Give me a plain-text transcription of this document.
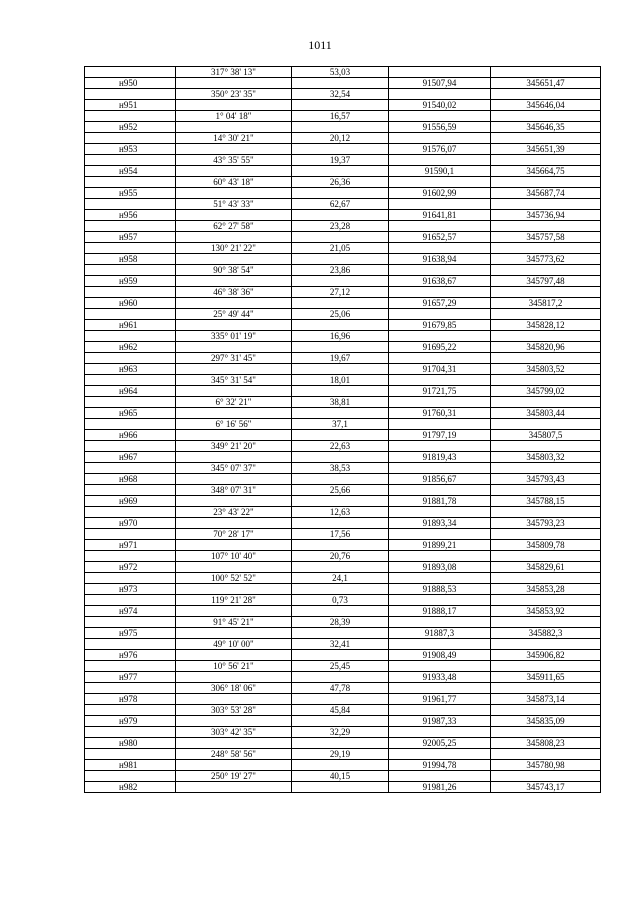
1011
	317° 38' 13"	53,03		
н950			91507,94	345651,47
	350° 23' 35"	32,54		
н951			91540,02	345646,04
	1° 04' 18"	16,57		
н952			91556,59	345646,35
	14° 30' 21"	20,12		
н953			91576,07	345651,39
	43° 35' 55"	19,37		
н954			91590,1	345664,75
	60° 43' 18"	26,36		
н955			91602,99	345687,74
	51° 43' 33"	62,67		
н956			91641,81	345736,94
	62° 27' 58"	23,28		
н957			91652,57	345757,58
	130° 21' 22"	21,05		
н958			91638,94	345773,62
	90° 38' 54"	23,86		
н959			91638,67	345797,48
	46° 38' 36"	27,12		
н960			91657,29	345817,2
	25° 49' 44"	25,06		
н961			91679,85	345828,12
	335° 01' 19"	16,96		
н962			91695,22	345820,96
	297° 31' 45"	19,67		
н963			91704,31	345803,52
	345° 31' 54"	18,01		
н964			91721,75	345799,02
	6° 32' 21"	38,81		
н965			91760,31	345803,44
	6° 16' 56"	37,1		
н966			91797,19	345807,5
	349° 21' 20"	22,63		
н967			91819,43	345803,32
	345° 07' 37"	38,53		
н968			91856,67	345793,43
	348° 07' 31"	25,66		
н969			91881,78	345788,15
	23° 43' 22"	12,63		
н970			91893,34	345793,23
	70° 28' 17"	17,56		
н971			91899,21	345809,78
	107° 10' 40"	20,76		
н972			91893,08	345829,61
	100° 52' 52"	24,1		
н973			91888,53	345853,28
	119° 21' 28"	0,73		
н974			91888,17	345853,92
	91° 45' 21"	28,39		
н975			91887,3	345882,3
	49° 10' 00"	32,41		
н976			91908,49	345906,82
	10° 56' 21"	25,45		
н977			91933,48	345911,65
	306° 18' 06"	47,78		
н978			91961,77	345873,14
	303° 53' 28"	45,84		
н979			91987,33	345835,09
	303° 42' 35"	32,29		
н980			92005,25	345808,23
	248° 58' 56"	29,19		
н981			91994,78	345780,98
	250° 19' 27"	40,15		
н982			91981,26	345743,17
